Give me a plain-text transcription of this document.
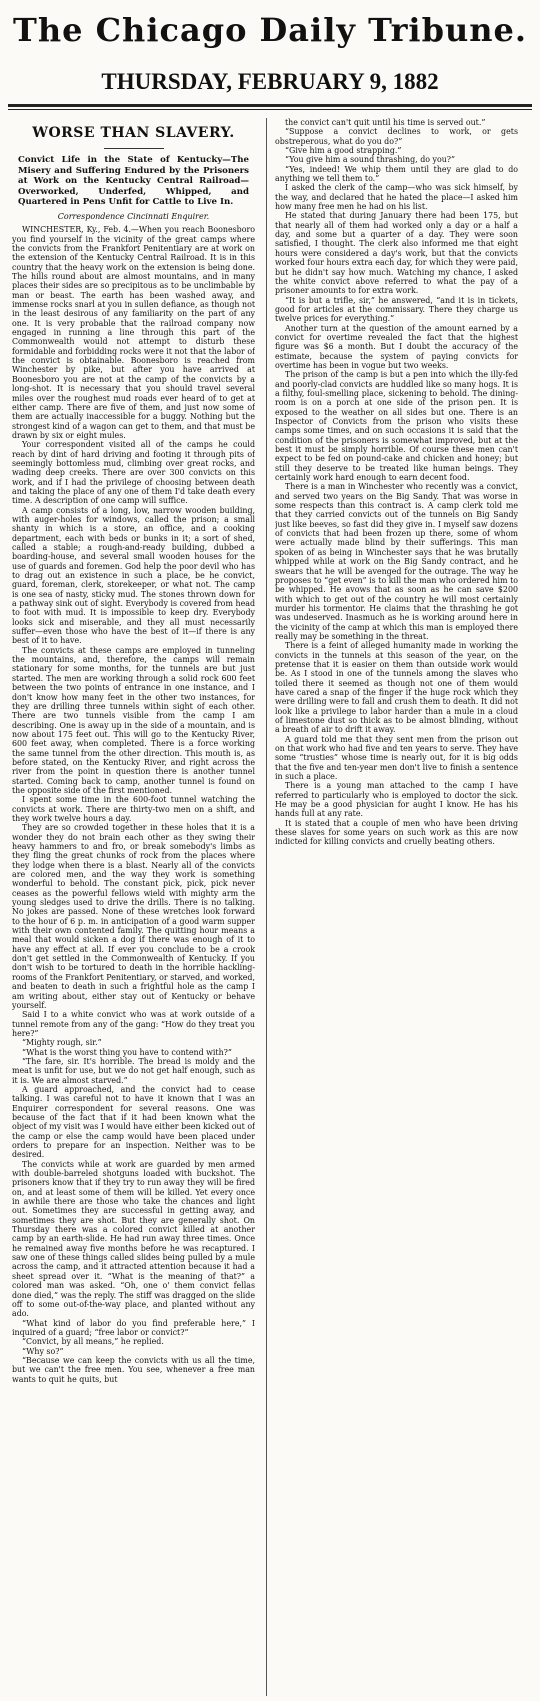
The Chicago Daily Tribune.
THURSDAY, FEBRUARY 9, 1882
WORSE THAN SLAVERY.
Convict Life in the State of Kentucky—The Misery and Suffering Endured by the Prisoners at Work on the Kentucky Central Railroad—Overworked, Underfed, Whipped, and Quartered in Pens Unfit for Cattle to Live In.
Correspondence Cincinnati Enquirer.

WINCHESTER, Ky., Feb. 4.—When you reach Boonesboro you find yourself in the vicinity of the great camps where the convicts from the Frankfort Penitentiary are at work on the extension of the Kentucky Central Railroad. It is in this country that the heavy work on the extension is being done. The hills round about are almost mountains, and in many places their sides are so precipitous as to be unclimbable by man or beast. The earth has been washed away, and immense rocks snarl at you in sullen defiance, as though not in the least desirous of any familiarity on the part of any one. It is very probable that the railroad company now engaged in running a line through this part of the Commonwealth would not attempt to disturb these formidable and forbidding rocks were it not that the labor of the convict is obtainable. Boonesboro is reached from Winchester by pike, but after you have arrived at Boonesboro you are not at the camp of the convicts by a long-shot. It is necessary that you should travel several miles over the roughest mud roads ever heard of to get at either camp. There are five of them, and just now some of them are actually inaccessible for a buggy. Nothing but the strongest kind of a wagon can get to them, and that must be drawn by six or eight mules.

Your correspondent visited all of the camps he could reach by dint of hard driving and footing it through pits of seemingly bottomless mud, climbing over great rocks, and wading deep creeks. There are over 300 convicts on this work, and if I had the privilege of choosing between death and taking the place of any one of them I'd take death every time. A description of one camp will suffice.

A camp consists of a long, low, narrow wooden building, with auger-holes for windows, called the prison; a small shanty in which is a store, an office, and a cooking department, each with beds or bunks in it; a sort of shed, called a stable; a rough-and-ready building, dubbed a boarding-house, and several small wooden houses for the use of guards and foremen. God help the poor devil who has to drag out an existence in such a place, be he convict, guard, foreman, clerk, storekeeper, or what not. The camp is one sea of nasty, sticky mud. The stones thrown down for a pathway sink out of sight. Everybody is covered from head to foot with mud. It is impossible to keep dry. Everybody looks sick and miserable, and they all must necessarily suffer—even those who have the best of it—if there is any best of it to have.

The convicts at these camps are employed in tunneling the mountains, and, therefore, the camps will remain stationary for some months, for the tunnels are but just started. The men are working through a solid rock 600 feet between the two points of entrance in one instance, and I don't know how many feet in the other two instances, for they are drilling three tunnels within sight of each other. There are two tunnels visible from the camp I am describing. One is away up in the side of a mountain, and is now about 175 feet out. This will go to the Kentucky River, 600 feet away, when completed. There is a force working the same tunnel from the other direction. This mouth is, as before stated, on the Kentucky River, and right across the river from the point in question there is another tunnel started. Coming back to camp, another tunnel is found on the opposite side of the first mentioned.

I spent some time in the 600-foot tunnel watching the convicts at work. There are thirty-two men on a shift, and they work twelve hours a day.

They are so crowded together in these holes that it is a wonder they do not brain each other as they swing their heavy hammers to and fro, or break somebody's limbs as they fling the great chunks of rock from the places where they lodge when there is a blast. Nearly all of the convicts are colored men, and the way they work is something wonderful to behold. The constant pick, pick, pick never ceases as the powerful fellows wield with mighty arm the young sledges used to drive the drills. There is no talking. No jokes are passed. None of these wretches look forward to the hour of 6 p. m. in anticipation of a good warm supper with their own contented family. The quitting hour means a meal that would sicken a dog if there was enough of it to have any effect at all. If ever you conclude to be a crook don't get settled in the Commonwealth of Kentucky. If you don't wish to be tortured to death in the horrible hackling-rooms of the Frankfort Penitentiary, or starved, and worked, and beaten to death in such a frightful hole as the camp I am writing about, either stay out of Kentucky or behave yourself.

Said I to a white convict who was at work outside of a tunnel remote from any of the gang: “How do they treat you here?”

“Mighty rough, sir.”

“What is the worst thing you have to contend with?”

“The fare, sir. It's horrible. The bread is moldy and the meat is unfit for use, but we do not get half enough, such as it is. We are almost starved.”

A guard approached, and the convict had to cease talking. I was careful not to have it known that I was an Enquirer correspondent for several reasons. One was because of the fact that if it had been known what the object of my visit was I would have either been kicked out of the camp or else the camp would have been placed under orders to prepare for an inspection. Neither was to be desired.

The convicts while at work are guarded by men armed with double-barreled shotguns loaded with buckshot. The prisoners know that if they try to run away they will be fired on, and at least some of them will be killed. Yet every once in awhile there are those who take the chances and light out. Sometimes they are successful in getting away, and sometimes they are shot. But they are generally shot. On Thursday there was a colored convict killed at another camp by an earth-slide. He had run away three times. Once he remained away five months before he was recaptured. I saw one of these things called slides being pulled by a mule across the camp, and it attracted attention because it had a sheet spread over it. “What is the meaning of that?” a colored man was asked. “Oh, one o' them convict fellas done died,” was the reply. The stiff was dragged on the slide off to some out-of-the-way place, and planted without any ado.

“What kind of labor do you find preferable here,” I inquired of a guard; “free labor or convict?”

“Convict, by all means,” he replied.

“Why so?”

“Because we can keep the convicts with us all the time, but we can't the free men. You see, whenever a free man wants to quit he quits, but

the convict can't quit until his time is served out.”

“Suppose a convict declines to work, or gets obstreperous, what do you do?”

“Give him a good strapping.”

“You give him a sound thrashing, do you?”

“Yes, indeed! We whip them until they are glad to do anything we tell them to.”

I asked the clerk of the camp—who was sick himself, by the way, and declared that he hated the place—I asked him how many free men he had on his list.

He stated that during January there had been 175, but that nearly all of them had worked only a day or a half a day, and some but a quarter of a day. They were soon satisfied, I thought. The clerk also informed me that eight hours were considered a day's work, but that the convicts worked four hours extra each day, for which they were paid, but he didn't say how much. Watching my chance, I asked the white convict above referred to what the pay of a prisoner amounts to for extra work.

“It is but a trifle, sir,” he answered, “and it is in tickets, good for articles at the commissary. There they charge us twelve prices for everything.”

Another turn at the question of the amount earned by a convict for overtime revealed the fact that the highest figure was $6 a month. But I doubt the accuracy of the estimate, because the system of paying convicts for overtime has been in vogue but two weeks.

The prison of the camp is but a pen into which the illy-fed and poorly-clad convicts are huddled like so many hogs. It is a filthy, foul-smelling place, sickening to behold. The dining-room is on a porch at one side of the prison pen. It is exposed to the weather on all sides but one. There is an Inspector of Convicts from the prison who visits these camps some times, and on such occasions it is said that the condition of the prisoners is somewhat improved, but at the best it must be simply horrible. Of course these men can't expect to be fed on pound-cake and chicken and honey; but still they deserve to be treated like human beings. They certainly work hard enough to earn decent food.

There is a man in Winchester who recently was a convict, and served two years on the Big Sandy. That was worse in some respects than this contract is. A camp clerk told me that they carried convicts out of the tunnels on Big Sandy just like beeves, so fast did they give in. I myself saw dozens of convicts that had been frozen up there, some of whom were actually made blind by their sufferings. This man spoken of as being in Winchester says that he was brutally whipped while at work on the Big Sandy contract, and he swears that he will be avenged for the outrage. The way he proposes to “get even” is to kill the man who ordered him to be whipped. He avows that as soon as he can save $200 with which to get out of the country he will most certainly murder his tormentor. He claims that the thrashing he got was undeserved. Inasmuch as he is working around here in the vicinity of the camp at which this man is employed there really may be something in the threat.

There is a feint of alleged humanity made in working the convicts in the tunnels at this season of the year, on the pretense that it is easier on them than outside work would be. As I stood in one of the tunnels among the slaves who toiled there it seemed as though not one of them would have cared a snap of the finger if the huge rock which they were drilling were to fall and crush them to death. It did not look like a privilege to labor harder than a mule in a cloud of limestone dust so thick as to be almost blinding, without a breath of air to drift it away.

A guard told me that they sent men from the prison out on that work who had five and ten years to serve. They have some “trusties” whose time is nearly out, for it is big odds that the five and ten-year men don't live to finish a sentence in such a place.

There is a young man attached to the camp I have referred to particularly who is employed to doctor the sick. He may be a good physician for aught I know. He has his hands full at any rate.

It is stated that a couple of men who have been driving these slaves for some years on such work as this are now indicted for killing convicts and cruelly beating others.
